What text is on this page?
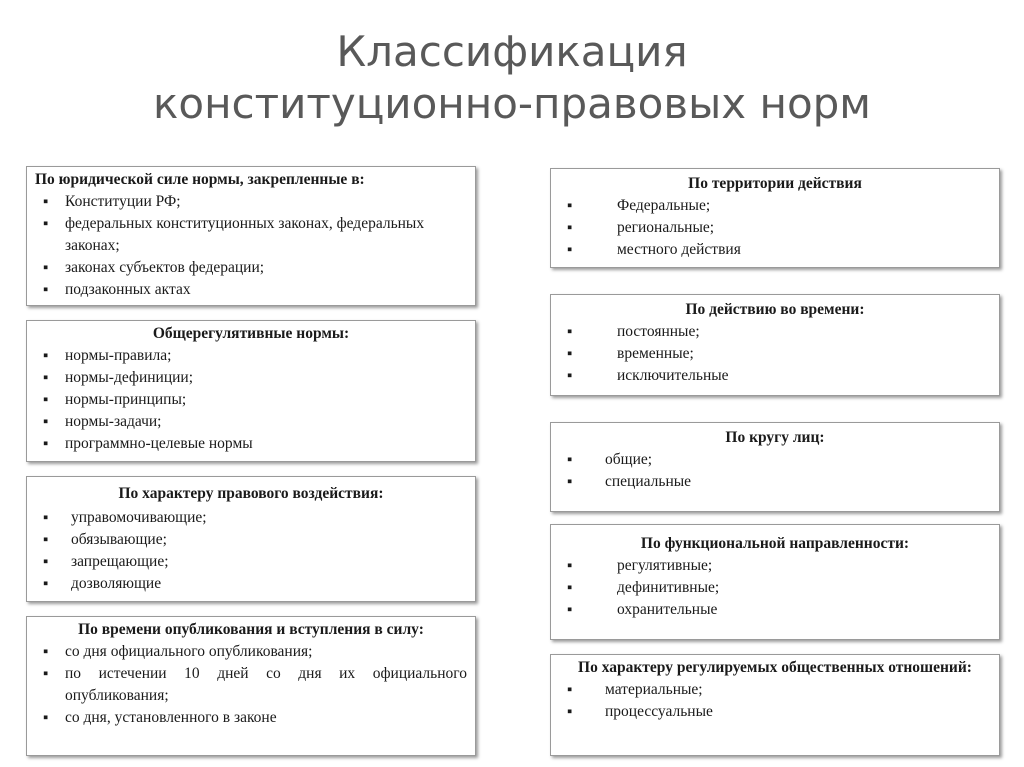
Классификация
конституционно-правовых норм
По юридической силе нормы, закрепленные в:
▪ Конституции РФ;
▪ федеральных конституционных законах, федеральных законах;
▪ законах субъектов федерации;
▪ подзаконных актах
Общерегулятивные нормы:
▪ нормы-правила;
▪ нормы-дефиниции;
▪ нормы-принципы;
▪ нормы-задачи;
▪ программно-целевые нормы
По характеру правового воздействия:
▪ управомочивающие;
▪ обязывающие;
▪ запрещающие;
▪ дозволяющие
По времени опубликования и вступления в силу:
▪ со дня официального опубликования;
▪ по истечении 10 дней со дня их официального опубликования;
▪ со дня, установленного в законе
По территории действия
▪ Федеральные;
▪ региональные;
▪ местного действия
По действию во времени:
▪ постоянные;
▪ временные;
▪ исключительные
По кругу лиц:
▪ общие;
▪ специальные
По функциональной направленности:
▪ регулятивные;
▪ дефинитивные;
▪ охранительные
По характеру регулируемых общественных отношений:
▪ материальные;
▪ процессуальные
